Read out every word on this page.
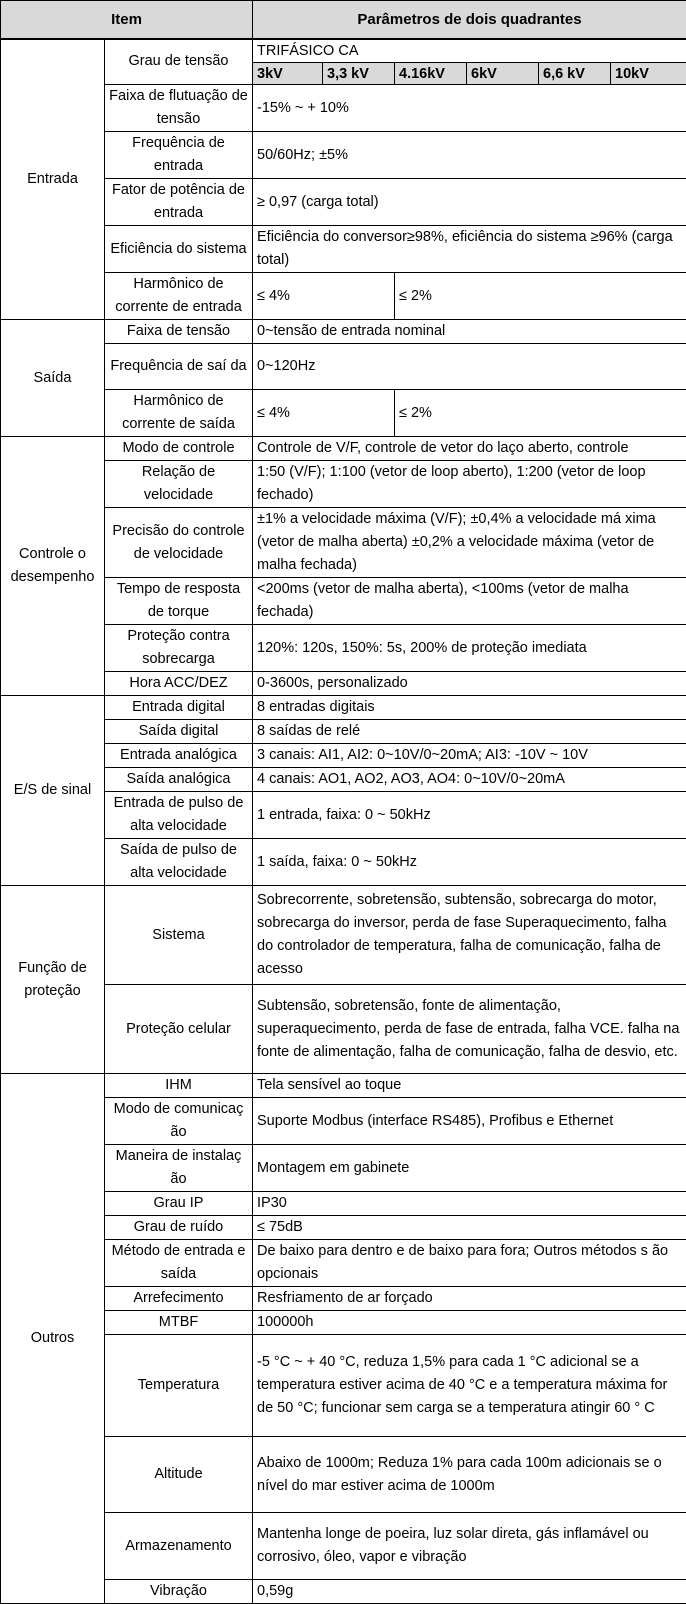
Item		Parâmetros de dois quadrantes					
Entrada	Grau de tensão	TRIFÁSICO CA					
		3kV	3,3 kV	4.16kV	6kV	6,6 kV	10kV
	Faixa de flutuação de tensão	-15% ~ + 10%					
	Frequência de entrada	50/60Hz; ±5%					
	Fator de potência de entrada	≥ 0,97 (carga total)					
	Eficiência do sistema	Eficiência do conversor≥98%, eficiência do sistema ≥96% (carga total)					
	Harmônico de corrente de entrada	≤ 4%		≤ 2%			
Saída	Faixa de tensão	0~tensão de entrada nominal					
	Frequência de saí da	0~120Hz					
	Harmônico de corrente de saída	≤ 4%		≤ 2%			
Controle o desempenho	Modo de controle	Controle de V/F, controle de vetor do laço aberto, controle					
	Relação de velocidade	1:50 (V/F); 1:100 (vetor de loop aberto), 1:200 (vetor de loop fechado)					
	Precisão do controle de velocidade	±1% a velocidade máxima (V/F); ±0,4% a velocidade má xima (vetor de malha aberta) ±0,2% a velocidade máxima (vetor de malha fechada)					
	Tempo de resposta de torque	<200ms (vetor de malha aberta), <100ms (vetor de malha fechada)					
	Proteção contra sobrecarga	120%: 120s, 150%: 5s, 200% de proteção imediata					
	Hora ACC/DEZ	0-3600s, personalizado					
E/S de sinal	Entrada digital	8 entradas digitais					
	Saída digital	8 saídas de relé					
	Entrada analógica	3 canais: AI1, AI2: 0~10V/0~20mA; AI3: -10V ~ 10V					
	Saída analógica	4 canais: AO1, AO2, AO3, AO4: 0~10V/0~20mA					
	Entrada de pulso de alta velocidade	1 entrada, faixa: 0 ~ 50kHz					
	Saída de pulso de alta velocidade	1 saída, faixa: 0 ~ 50kHz					
Função de proteção	Sistema	Sobrecorrente, sobretensão, subtensão, sobrecarga do motor, sobrecarga do inversor, perda de fase Superaquecimento, falha do controlador de temperatura, falha de comunicação, falha de acesso					
	Proteção celular	Subtensão, sobretensão, fonte de alimentação, superaquecimento, perda de fase de entrada, falha VCE. falha na fonte de alimentação, falha de comunicação, falha de desvio, etc.					
Outros	IHM	Tela sensível ao toque					
	Modo de comunicaç ão	Suporte Modbus (interface RS485), Profibus e Ethernet					
	Maneira de instalaç ão	Montagem em gabinete					
	Grau IP	IP30					
	Grau de ruído	≤ 75dB					
	Método de entrada e saída	De baixo para dentro e de baixo para fora; Outros métodos s ão opcionais					
	Arrefecimento	Resfriamento de ar forçado					
	MTBF	100000h					
	Temperatura	-5 °C ~ + 40 °C, reduza 1,5% para cada 1 °C adicional se a temperatura estiver acima de 40 °C e a temperatura máxima for de 50 °C; funcionar sem carga se a temperatura atingir 60 ° C					
	Altitude	Abaixo de 1000m; Reduza 1% para cada 100m adicionais se o nível do mar estiver acima de 1000m					
	Armazenamento	Mantenha longe de poeira, luz solar direta, gás inflamável ou corrosivo, óleo, vapor e vibração					
	Vibração	0,59g					
